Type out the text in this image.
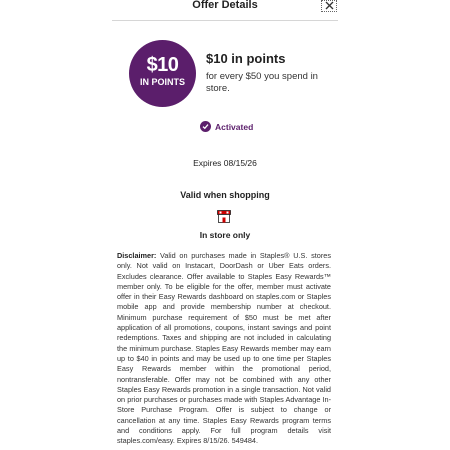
Offer Details
$10
IN POINTS
$10 in points
for every $50 you spend in store.
Activated
Expires 08/15/26
Valid when shopping
In store only

Disclaimer: Valid on purchases made in Staples® U.S. stores only. Not valid on Instacart, DoorDash or Uber Eats orders. Excludes clearance. Offer available to Staples Easy Rewards™ member only. To be eligible for the offer, member must activate offer in their Easy Rewards dashboard on staples.com or Staples mobile app and provide membership number at checkout. Minimum purchase requirement of $50 must be met after application of all promotions, coupons, instant savings and point redemptions. Taxes and shipping are not included in calculating the minimum purchase. Staples Easy Rewards member may earn up to $40 in points and may be used up to one time per Staples Easy Rewards member within the promotional period, nontransferable. Offer may not be combined with any other Staples Easy Rewards promotion in a single transaction. Not valid on prior purchases or purchases made with Staples Advantage In-Store Purchase Program. Offer is subject to change or cancellation at any time. Staples Easy Rewards program terms and conditions apply. For full program details visit staples.com/easy. Expires 8/15/26. 549484.
